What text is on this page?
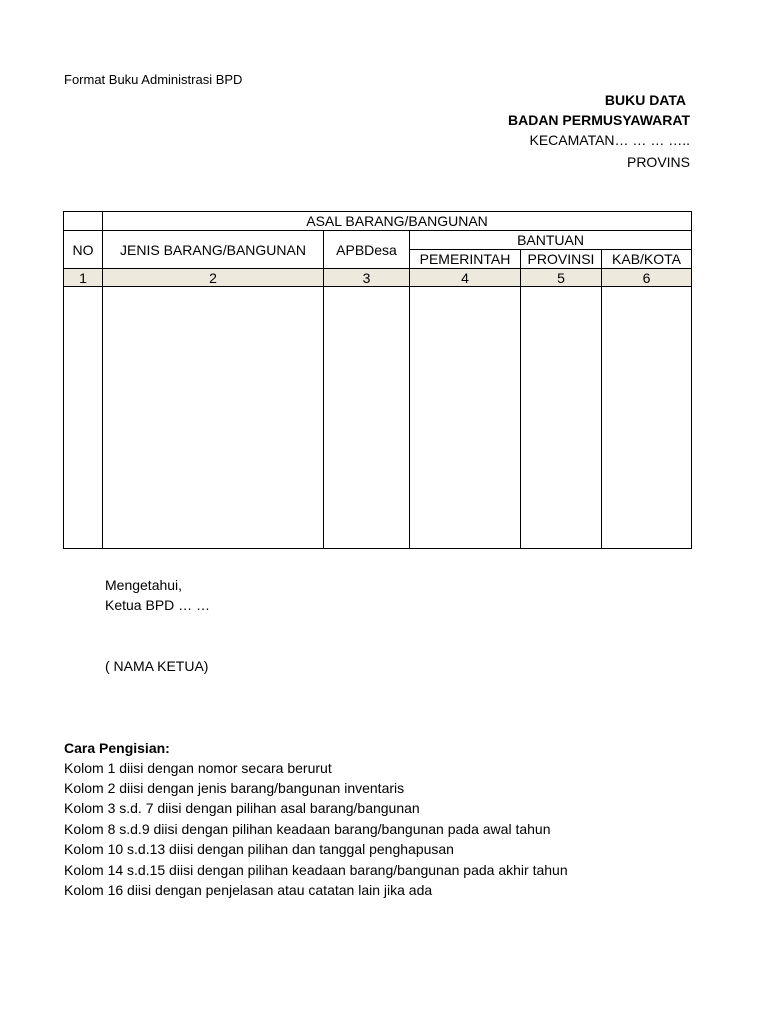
Format Buku Administrasi BPD
BUKU DATA
BADAN PERMUSYAWARAT
KECAMATAN… … … …..
PROVINS
	ASAL BARANG/BANGUNAN				
NO	JENIS BARANG/BANGUNAN	APBDesa	BANTUAN		
			PEMERINTAH	PROVINSI	KAB/KOTA
1	2	3	4	5	6

Mengetahui,
Ketua BPD … …
( NAMA KETUA)
Cara Pengisian:
Kolom 1 diisi dengan nomor secara berurut
Kolom 2 diisi dengan jenis barang/bangunan inventaris
Kolom 3 s.d. 7 diisi dengan pilihan asal barang/bangunan
Kolom 8 s.d.9 diisi dengan pilihan keadaan barang/bangunan pada awal tahun
Kolom 10 s.d.13 diisi dengan pilihan dan tanggal penghapusan
Kolom 14 s.d.15 diisi dengan pilihan keadaan barang/bangunan pada akhir tahun
Kolom 16 diisi dengan penjelasan atau catatan lain jika ada
